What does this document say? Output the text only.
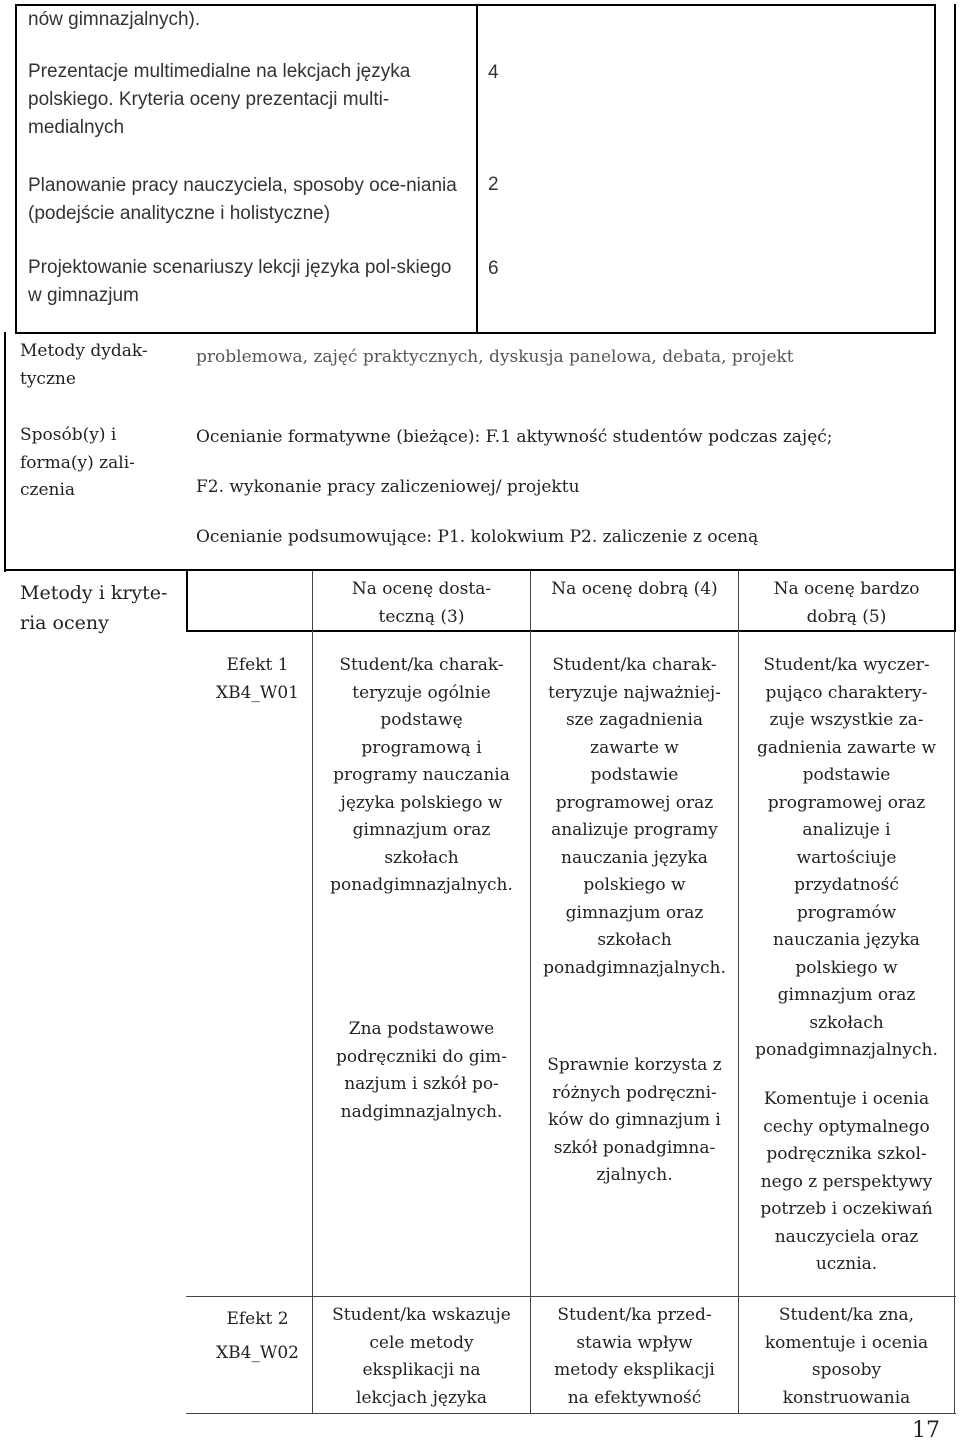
nów gimnazjalnych).
Prezentacje multimedialne na lekcjach języka polskiego. Kryteria oceny prezentacji multi-medialnych
4
Planowanie pracy nauczyciela, sposoby oce-niania (podejście analityczne i holistyczne)
2
Projektowanie scenariuszy lekcji języka pol-skiego w gimnazjum
6
Metody dydak-
tyczne
problemowa, zajęć praktycznych, dyskusja panelowa, debata, projekt
Sposób(y) i
forma(y) zali-
czenia
Ocenianie formatywne (bieżące): F.1 aktywność studentów podczas zajęć;
F2. wykonanie pracy zaliczeniowej/ projektu
Ocenianie podsumowujące: P1. kolokwium P2. zaliczenie z oceną
Metody i kryte-
ria oceny
Na ocenę dosta-
teczną (3)
Na ocenę dobrą (4)	Na ocenę bardzo
dobrą (5)
Efekt 1
XB4_W01
Student/ka charak-
teryzuje ogólnie
podstawę
programową i
programy nauczania
języka polskiego w
gimnazjum oraz
szkołach
ponadgimnazjalnych.
Zna podstawowe
podręczniki do gim-
nazjum i szkół po-
nadgimnazjalnych.
Student/ka charak-
teryzuje najważniej-
sze zagadnienia
zawarte w
podstawie
programowej oraz
analizuje programy
nauczania języka
polskiego w
gimnazjum oraz
szkołach
ponadgimnazjalnych.
Sprawnie korzysta z
różnych podręczni-
ków do gimnazjum i
szkół ponadgimna-
zjalnych.
Student/ka wyczer-
pująco charaktery-
zuje wszystkie za-
gadnienia zawarte w
podstawie
programowej oraz
analizuje i
wartościuje
przydatność
programów
nauczania języka
polskiego w
gimnazjum oraz
szkołach
ponadgimnazjalnych.
Komentuje i ocenia
cechy optymalnego
podręcznika szkol-
nego z perspektywy
potrzeb i oczekiwań
nauczyciela oraz
ucznia.
Efekt 2
XB4_W02
Student/ka wskazuje
cele metody
eksplikacji na
lekcjach języka
Student/ka przed-
stawia wpływ
metody eksplikacji
na efektywność
Student/ka zna,
komentuje i ocenia
sposoby
konstruowania
17
